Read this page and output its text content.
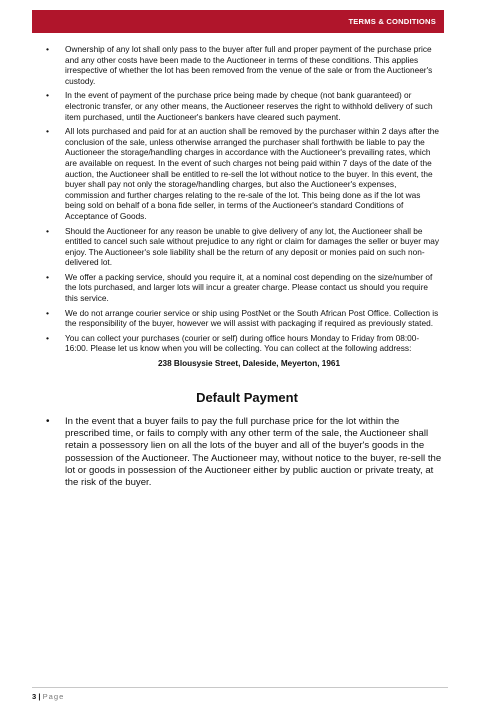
TERMS & CONDITIONS
• Ownership of any lot shall only pass to the buyer after full and proper payment of the purchase price and any other costs have been made to the Auctioneer in terms of these conditions. This applies irrespective of whether the lot has been removed from the venue of the sale or from the Auctioneer's custody.
• In the event of payment of the purchase price being made by cheque (not bank guaranteed) or electronic transfer, or any other means, the Auctioneer reserves the right to withhold delivery of such item purchased, until the Auctioneer's bankers have cleared such payment.
• All lots purchased and paid for at an auction shall be removed by the purchaser within 2 days after the conclusion of the sale, unless otherwise arranged the purchaser shall forthwith be liable to pay the Auctioneer the storage/handling charges in accordance with the Auctioneer's prevailing rates, which are available on request. In the event of such charges not being paid within 7 days of the date of the auction, the Auctioneer shall be entitled to re-sell the lot without notice to the buyer. In this event, the buyer shall pay not only the storage/handling charges, but also the Auctioneer's expenses, commission and further charges relating to the re-sale of the lot. This being done as if the lot was being sold on behalf of a bona fide seller, in terms of the Auctioneer's standard Conditions of Acceptance of Goods.
• Should the Auctioneer for any reason be unable to give delivery of any lot, the Auctioneer shall be entitled to cancel such sale without prejudice to any right or claim for damages the seller or buyer may enjoy. The Auctioneer's sole liability shall be the return of any deposit or monies paid on such non-delivered lot.
• We offer a packing service, should you require it, at a nominal cost depending on the size/number of the lots purchased, and larger lots will incur a greater charge. Please contact us should you require this service.
• We do not arrange courier service or ship using PostNet or the South African Post Office. Collection is the responsibility of the buyer, however we will assist with packaging if required as previously stated.
• You can collect your purchases (courier or self) during office hours Monday to Friday from 08:00-16:00. Please let us know when you will be collecting. You can collect at the following address:
238 Blousysie Street, Daleside, Meyerton, 1961
Default Payment
• In the event that a buyer fails to pay the full purchase price for the lot within the prescribed time, or fails to comply with any other term of the sale, the Auctioneer shall retain a possessory lien on all the lots of the buyer and all of the buyer's goods in the possession of the Auctioneer. The Auctioneer may, without notice to the buyer, re-sell the lot or goods in possession of the Auctioneer either by public auction or private treaty, at the risk of the buyer.
3 | Page
